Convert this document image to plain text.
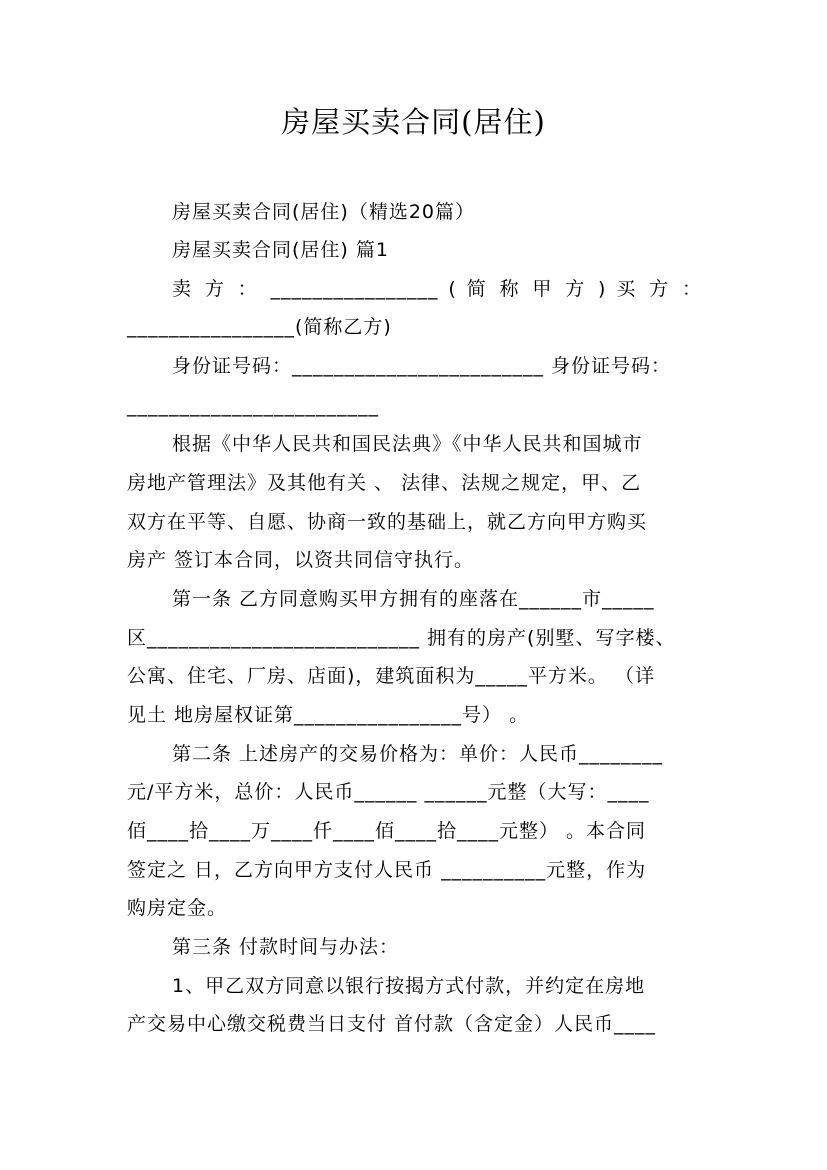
房屋买卖合同(居住)
房屋买卖合同(居住)（精选20篇）
房屋买卖合同(居住) 篇1
卖 方 ： ________________ ( 简 称 甲 方 ) 买 方 ：
________________(简称乙方)
身份证号码：________________________ 身份证号码：
________________________
根据《中华人民共和国民法典》《中华人民共和国城市
房地产管理法》及其他有关 、 法律、法规之规定，甲、乙
双方在平等、自愿、协商一致的基础上，就乙方向甲方购买
房产 签订本合同，以资共同信守执行。
第一条 乙方同意购买甲方拥有的座落在______市_____
区__________________________ 拥有的房产(别墅、写字楼、
公寓、住宅、厂房、店面)，建筑面积为_____平方米。 （详
见土 地房屋权证第________________号） 。
第二条 上述房产的交易价格为：单价：人民币________
元/平方米，总价：人民币______ ______元整（大写：____
佰____拾____万____仟____佰____拾____元整） 。本合同
签定之 日，乙方向甲方支付人民币 __________元整，作为
购房定金。
第三条 付款时间与办法：
1、甲乙双方同意以银行按揭方式付款，并约定在房地
产交易中心缴交税费当日支付 首付款（含定金）人民币____
